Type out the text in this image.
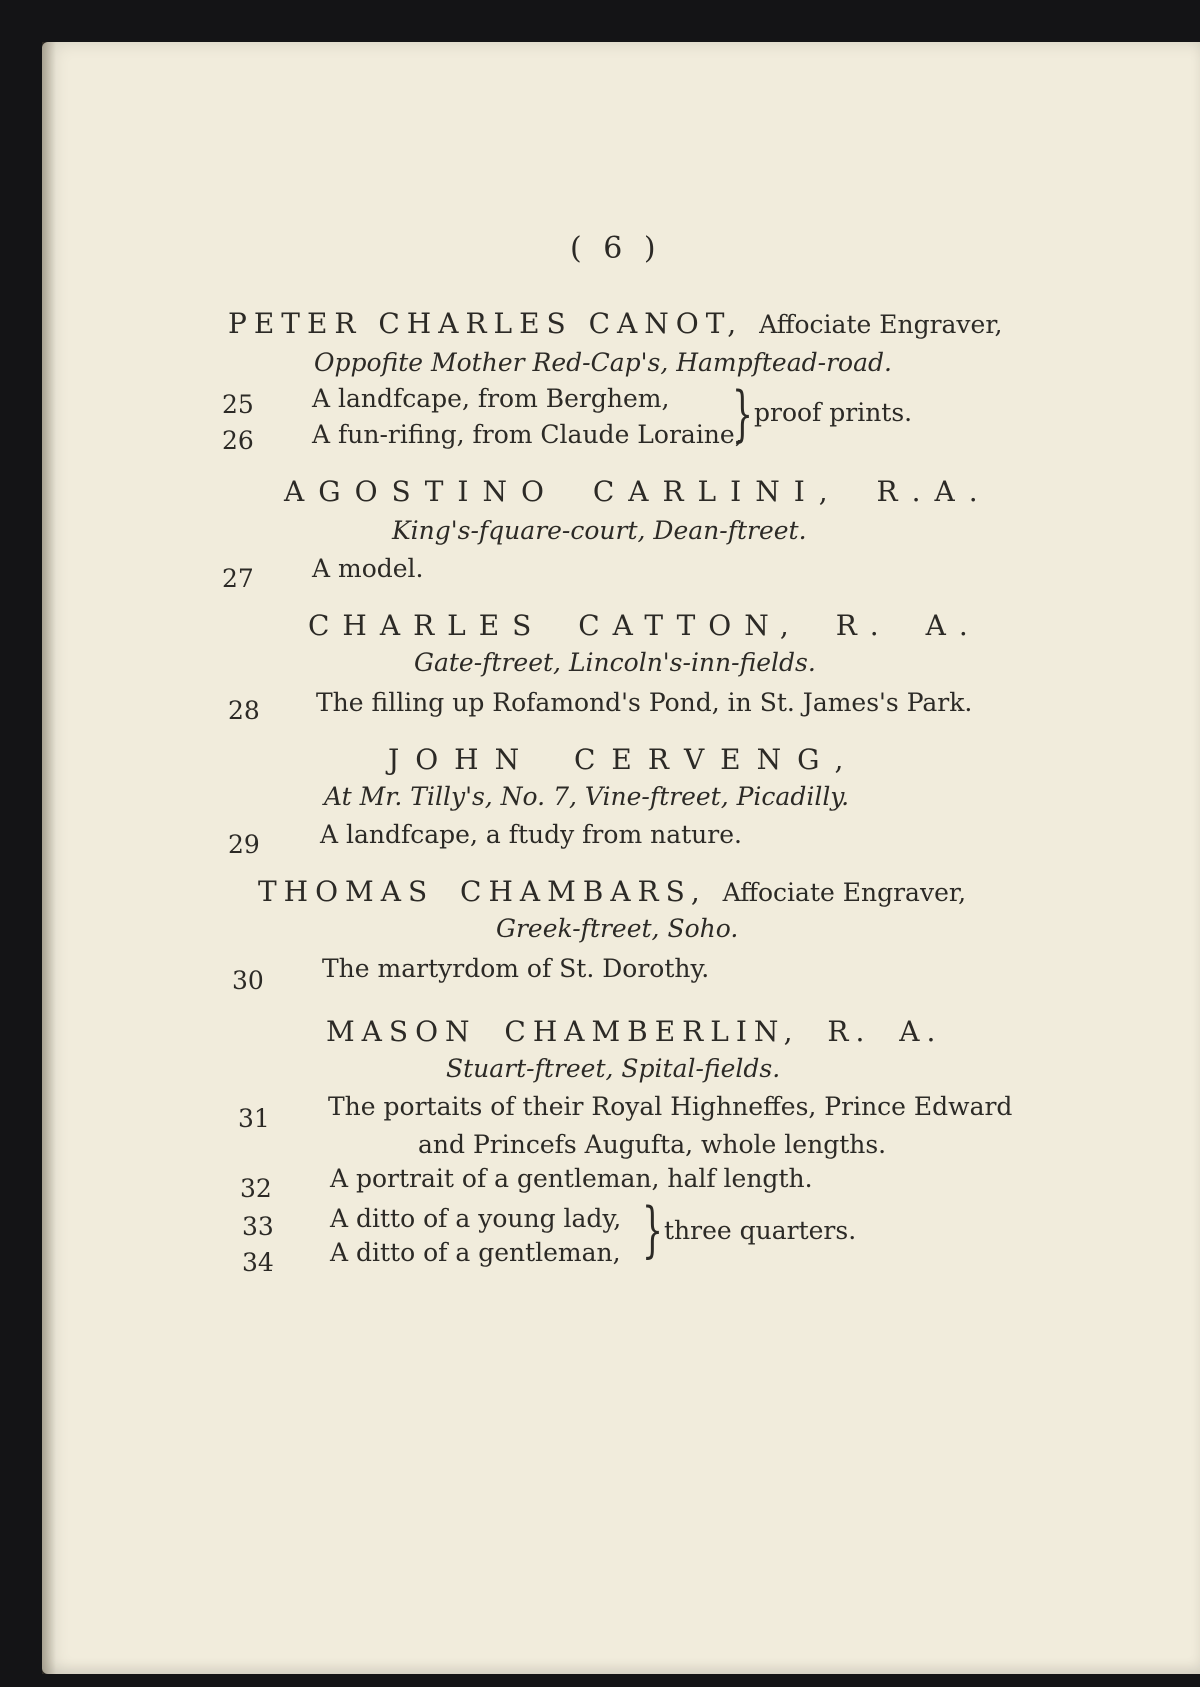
( 6 )
PETER CHARLES CANOT, Affociate Engraver,
Oppofite Mother Red-Cap's, Hampftead-road.
25 A landfcape, from Berghem,
26 A fun-rifing, from Claude Loraine,
} proof prints.
AGOSTINO CARLINI, R.A.
King's-fquare-court, Dean-ftreet.
27 A model.
CHARLES CATTON, R. A.
Gate-ftreet, Lincoln's-inn-fields.
28 The filling up Rofamond's Pond, in St. James's Park.
JOHN CERVENG,
At Mr. Tilly's, No. 7, Vine-ftreet, Picadilly.
29 A landfcape, a ftudy from nature.
THOMAS CHAMBARS, Affociate Engraver,
Greek-ftreet, Soho.
30 The martyrdom of St. Dorothy.
MASON CHAMBERLIN, R. A.
Stuart-ftreet, Spital-fields.
31 The portaits of their Royal Highneffes, Prince Edward
and Princefs Augufta, whole lengths.
32 A portrait of a gentleman, half length.
33 A ditto of a young lady,
34 A ditto of a gentleman, } three quarters.
